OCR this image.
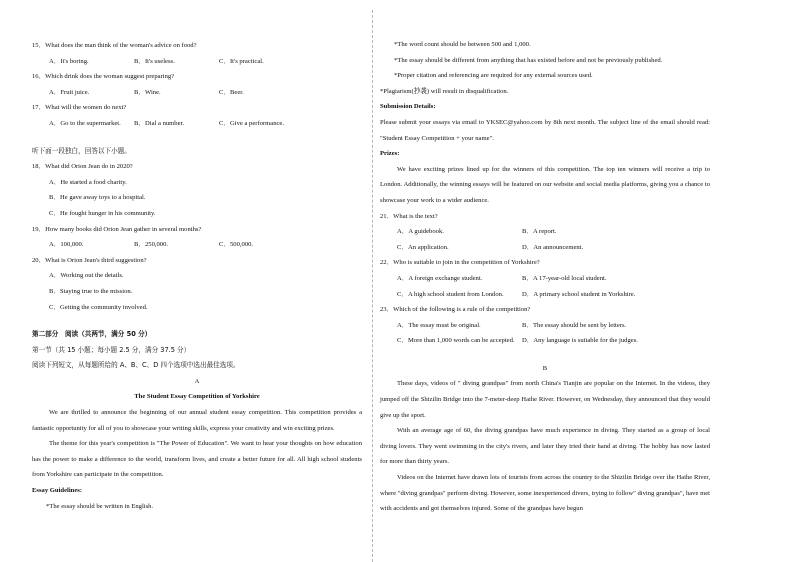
15．What does the man think of the woman's advice on food?
A．It's boring.	B．It's useless.	C．It's practical.
16．Which drink does the woman suggest preparing?
A．Fruit juice.	B．Wine.	C．Beer.
17．What will the women do next?
A．Go to the supermarket.	B．Dial a number.	C．Give a performance.
听下面一段独白，回答以下小题。
18．What did Orion Jean do in 2020?
A．He started a food charity.
B．He gave away toys to a hospital.
C．He fought hunger in his community.
19．How many books did Orion Jean gather in several months?
A．100,000.	B．250,000.	C．500,000.
20．What is Orion Jean's third suggestion?
A．Working out the details.
B．Staying true to the mission.
C．Getting the community involved.
第二部分　阅读（共两节，满分 50 分）
第一节（共 15 小题；每小题 2.5 分，满分 37.5 分）
阅读下列短文，从每题所给的 A、B、C、D 四个选项中选出最佳选项。
A
The Student Essay Competition of Yorkshire
We are thrilled to announce the beginning of our annual student essay competition. This competition provides a fantastic opportunity for all of you to showcase your writing skills, express your creativity and win exciting prizes.
The theme for this year's competition is "The Power of Education". We want to hear your thoughts on how education has the power to make a difference to the world, transform lives, and create a better future for all. All high school students from Yorkshire can participate in the competition.
Essay Guidelines:
*The essay should be written in English.
*The word count should be between 500 and 1,000.
*The essay should be different from anything that has existed before and not be previously published.
*Proper citation and referencing are required for any external sources used.
*Plagiarism(抄袭) will result in disqualification.
Submission Details:
Please submit your essays via email to YKSEC@yahoo.com by 8th next month. The subject line of the email should read: "Student Essay Competition + your name".
Prizes:
We have exciting prizes lined up for the winners of this competition. The top ten winners will receive a trip to London. Additionally, the winning essays will be featured on our website and social media platforms, giving you a chance to showcase your work to a wider audience.
21．What is the text?
A．A guidebook.	B．A report.
C．An application.	D．An announcement.
22．Who is suitable to join in the competition of Yorkshire?
A．A foreign exchange student.	B．A 17-year-old local student.
C．A high school student from London.	D．A primary school student in Yorkshire.
23．Which of the following is a rule of the competition?
A．The essay must be original.	B．The essay should be sent by letters.
C．More than 1,000 words can be accepted.	D．Any language is suitable for the judges.
B
These days, videos of " diving grandpas" from north China's Tianjin are popular on the Internet. In the videos, they jumped off the Shizilin Bridge into the 7-meter-deep Haihe River. However, on Wednesday, they announced that they would give up the sport.
With an average age of 60, the diving grandpas have much experience in diving. They started as a group of local diving lovers. They went swimming in the city's rivers, and later they tried their hand at diving. The hobby has now lasted for more than thirty years.
Videos on the Internet have drawn lots of tourists from across the country to the Shizilin Bridge over the Haihe River, where "diving grandpas" perform diving. However, some inexperienced divers, trying to follow" diving grandpas", have met with accidents and got themselves injured. Some of the grandpas have begun
